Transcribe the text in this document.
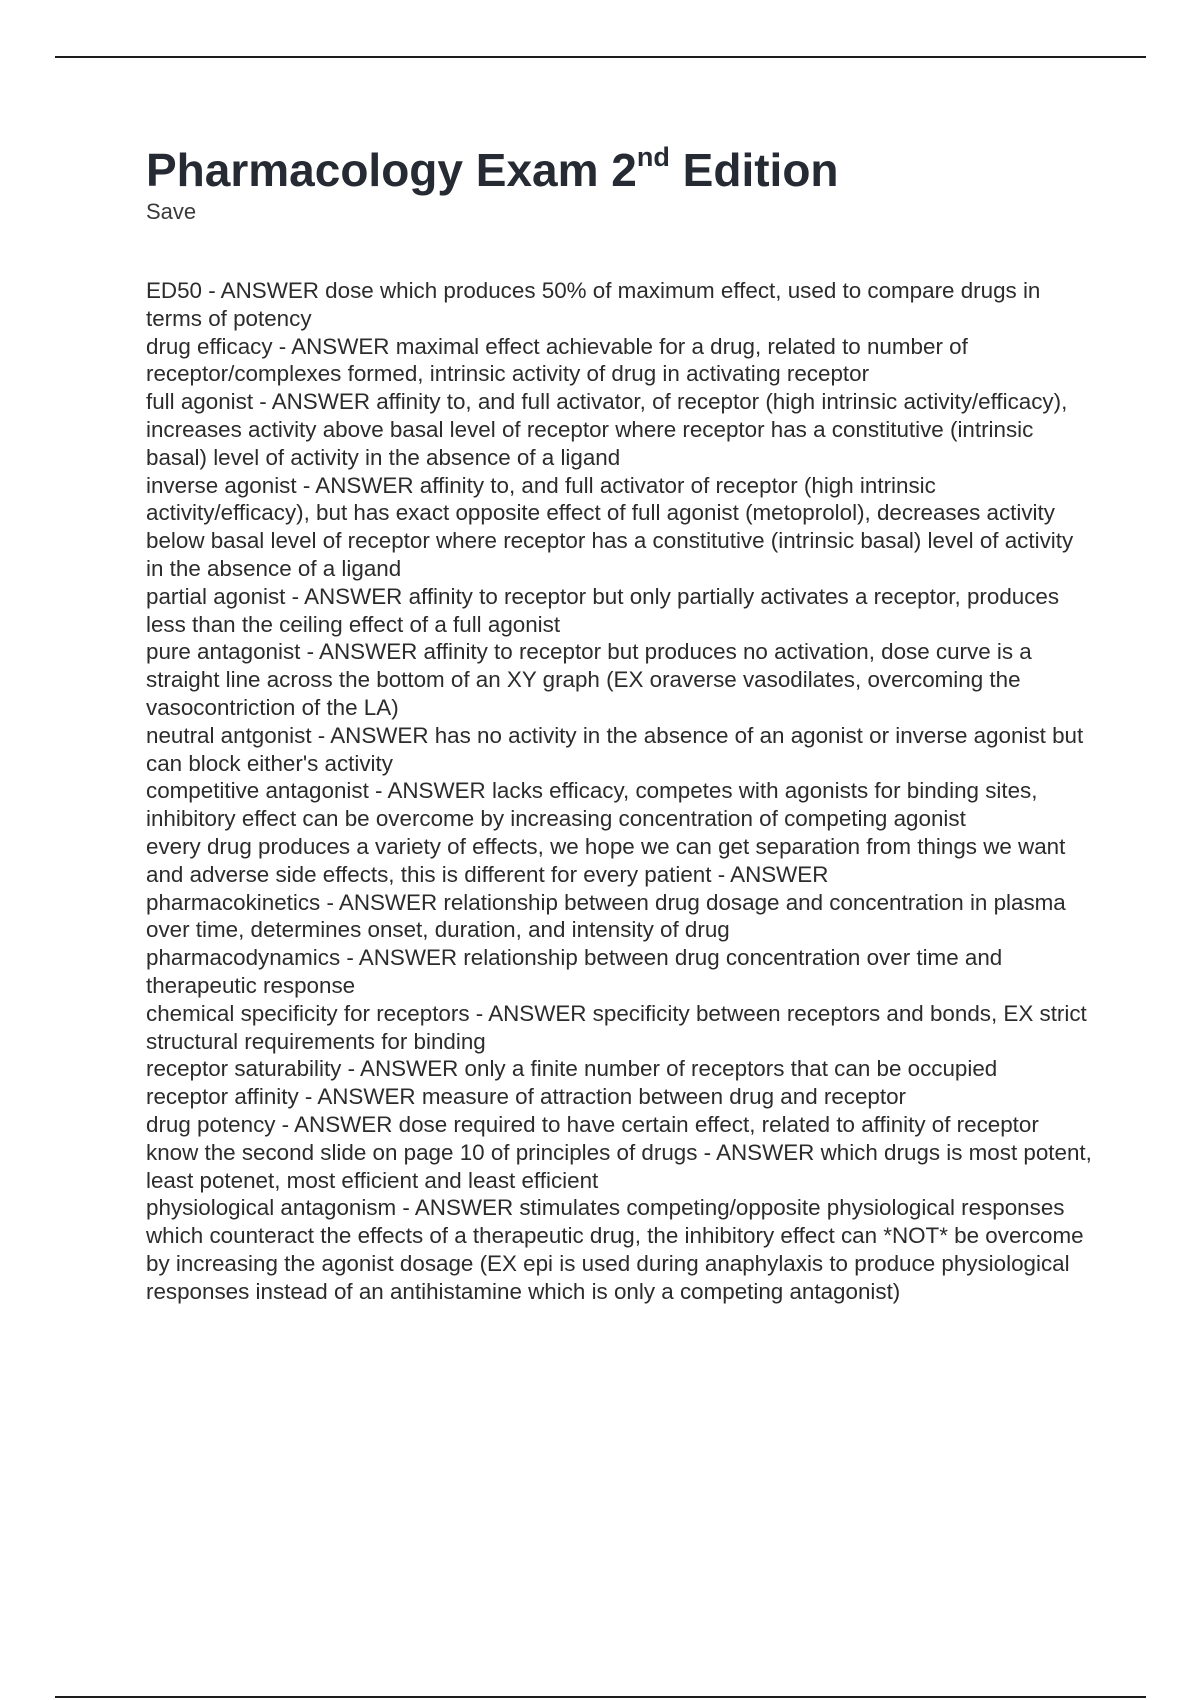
Pharmacology Exam 2nd Edition
Save

ED50 - ANSWER dose which produces 50% of maximum effect, used to compare drugs in terms of potency

drug efficacy - ANSWER maximal effect achievable for a drug, related to number of receptor/complexes formed, intrinsic activity of drug in activating receptor

full agonist - ANSWER affinity to, and full activator, of receptor (high intrinsic activity/efficacy), increases activity above basal level of receptor where receptor has a constitutive (intrinsic basal) level of activity in the absence of a ligand

inverse agonist - ANSWER affinity to, and full activator of receptor (high intrinsic activity/efficacy), but has exact opposite effect of full agonist (metoprolol), decreases activity below basal level of receptor where receptor has a constitutive (intrinsic basal) level of activity in the absence of a ligand

partial agonist - ANSWER affinity to receptor but only partially activates a receptor, produces less than the ceiling effect of a full agonist

pure antagonist - ANSWER affinity to receptor but produces no activation, dose curve is a straight line across the bottom of an XY graph (EX oraverse vasodilates, overcoming the vasocontriction of the LA)

neutral antgonist - ANSWER has no activity in the absence of an agonist or inverse agonist but can block either's activity

competitive antagonist - ANSWER lacks efficacy, competes with agonists for binding sites, inhibitory effect can be overcome by increasing concentration of competing agonist

every drug produces a variety of effects, we hope we can get separation from things we want and adverse side effects, this is different for every patient - ANSWER

pharmacokinetics - ANSWER relationship between drug dosage and concentration in plasma over time, determines onset, duration, and intensity of drug

pharmacodynamics - ANSWER relationship between drug concentration over time and therapeutic response

chemical specificity for receptors - ANSWER specificity between receptors and bonds, EX strict structural requirements for binding

receptor saturability - ANSWER only a finite number of receptors that can be occupied

receptor affinity - ANSWER measure of attraction between drug and receptor

drug potency - ANSWER dose required to have certain effect, related to affinity of receptor

know the second slide on page 10 of principles of drugs - ANSWER which drugs is most potent, least potenet, most efficient and least efficient

physiological antagonism - ANSWER stimulates competing/opposite physiological responses which counteract the effects of a therapeutic drug, the inhibitory effect can *NOT* be overcome by increasing the agonist dosage (EX epi is used during anaphylaxis to produce physiological responses instead of an antihistamine which is only a competing antagonist)
